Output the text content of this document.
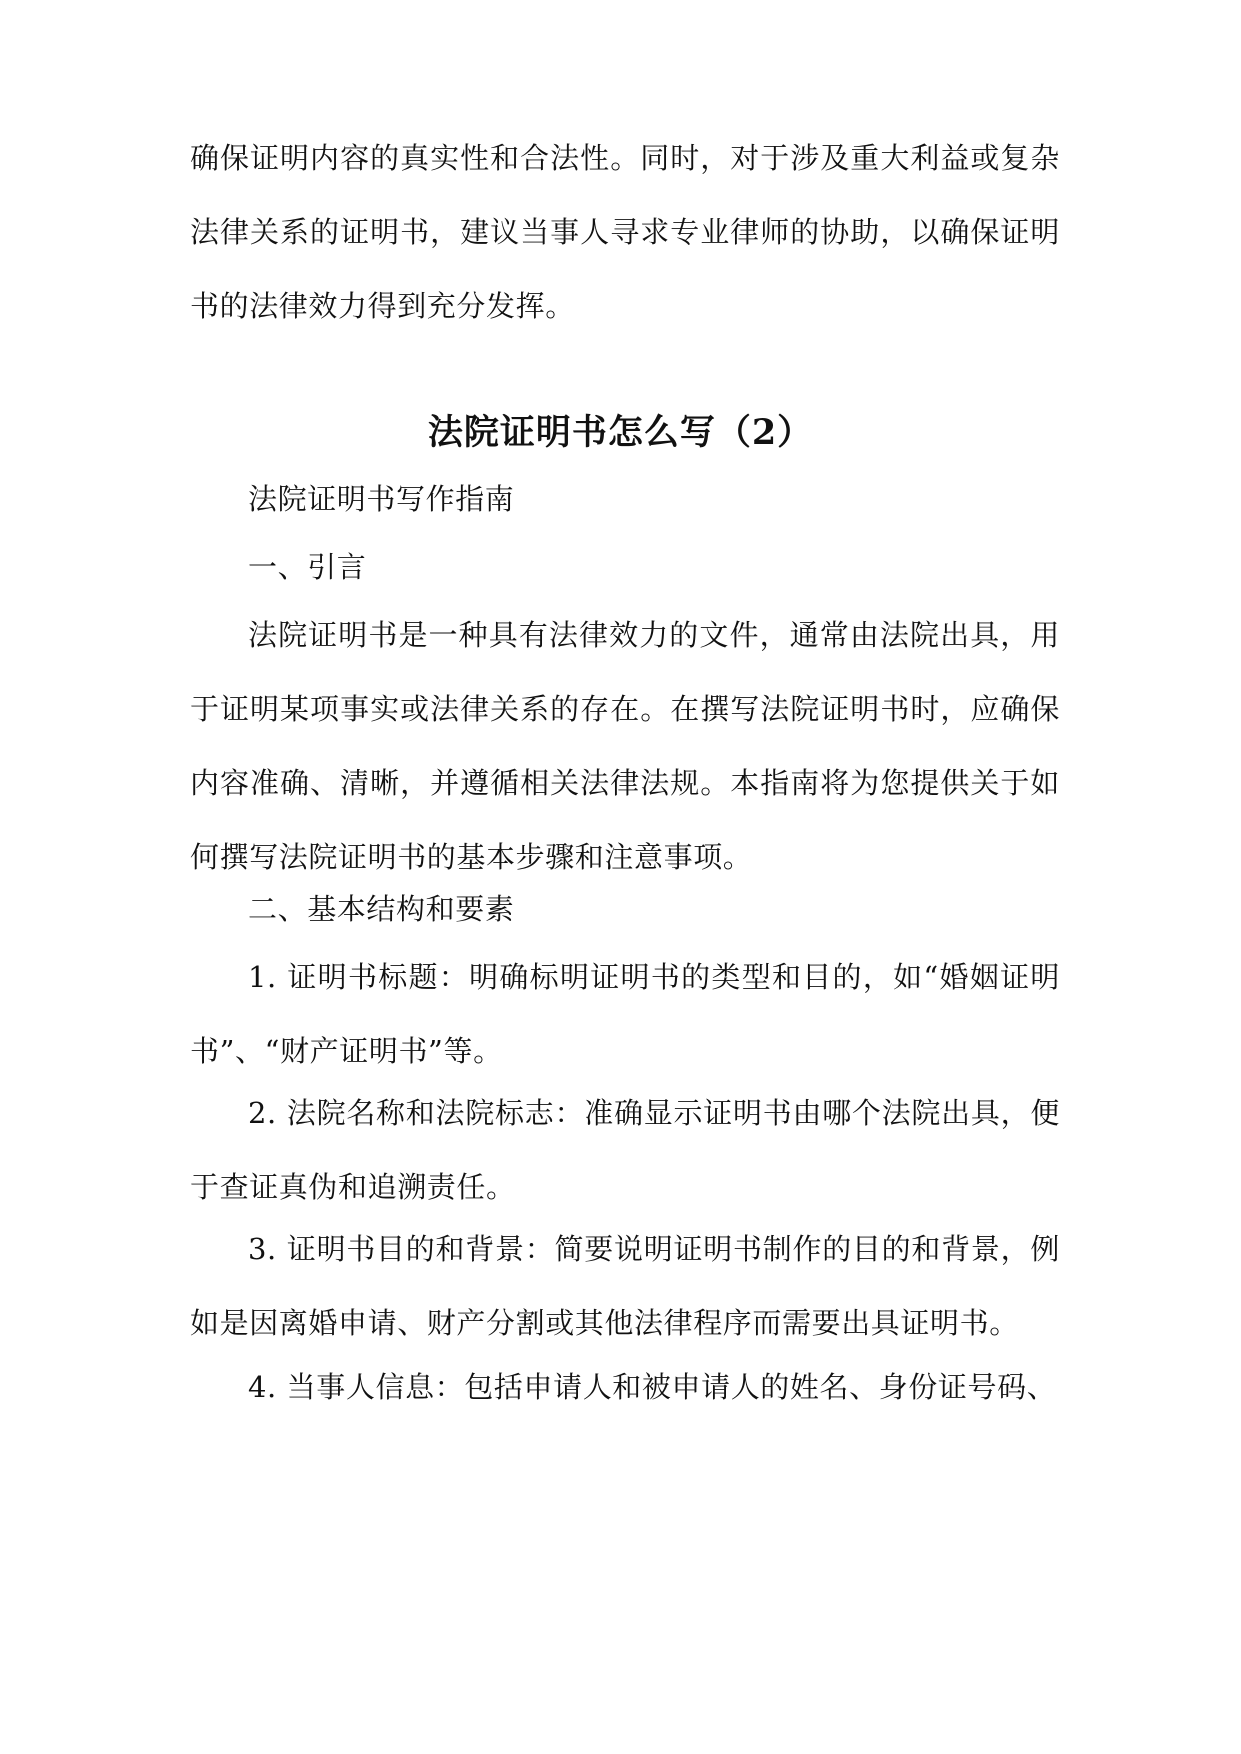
确保证明内容的真实性和合法性。同时，对于涉及重大利益或复杂法律关系的证明书，建议当事人寻求专业律师的协助，以确保证明书的法律效力得到充分发挥。

法院证明书怎么写（2）

法院证明书写作指南

一、引言

法院证明书是一种具有法律效力的文件，通常由法院出具，用于证明某项事实或法律关系的存在。在撰写法院证明书时，应确保内容准确、清晰，并遵循相关法律法规。本指南将为您提供关于如何撰写法院证明书的基本步骤和注意事项。

二、基本结构和要素

1. 证明书标题：明确标明证明书的类型和目的，如“婚姻证明书”、“财产证明书”等。

2. 法院名称和法院标志：准确显示证明书由哪个法院出具，便于查证真伪和追溯责任。

3. 证明书目的和背景：简要说明证明书制作的目的和背景，例如是因离婚申请、财产分割或其他法律程序而需要出具证明书。

4. 当事人信息：包括申请人和被申请人的姓名、身份证号码、
